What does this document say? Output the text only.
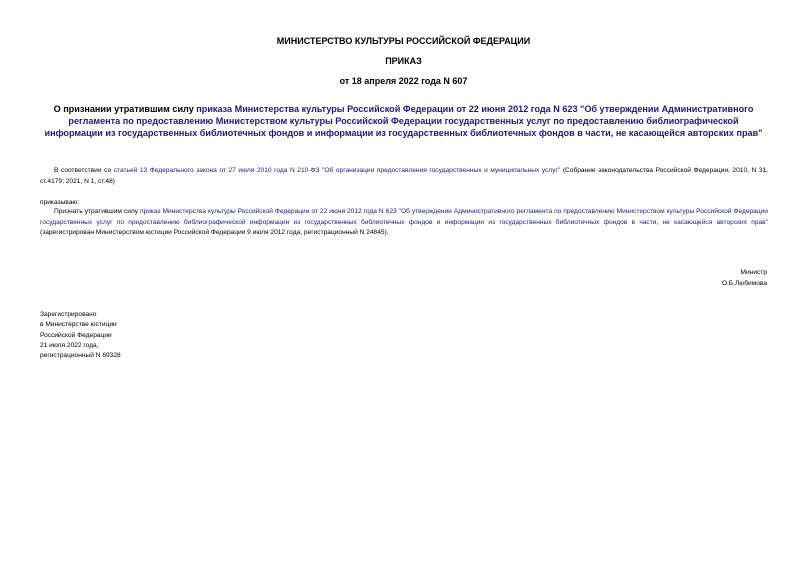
МИНИСТЕРСТВО КУЛЬТУРЫ РОССИЙСКОЙ ФЕДЕРАЦИИ
ПРИКАЗ
от 18 апреля 2022 года N 607
О признании утратившим силу приказа Министерства культуры Российской Федерации от 22 июня 2012 года N 623 "Об утверждении Административного регламента по предоставлению Министерством культуры Российской Федерации государственных услуг по предоставлению библиографической информации из государственных библиотечных фондов и информации из государственных библиотечных фондов в части, не касающейся авторских прав"
В соответствии со статьей 13 Федерального закона от 27 июля 2010 года N 210-ФЗ "Об организации предоставления государственных и муниципальных услуг" (Собрание законодательства Российской Федерации, 2010, N 31, ст.4179; 2021, N 1, ст.48)
приказываю:
Признать утратившим силу приказ Министерства культуры Российской Федерации от 22 июня 2012 года N 623 "Об утверждении Административного регламента по предоставлению Министерством культуры Российской Федерации государственных услуг по предоставлению библиографической информации из государственных библиотечных фондов и информации из государственных библиотечных фондов в части, не касающейся авторских прав" (зарегистрирован Министерством юстиции Российской Федерации 9 июля 2012 года, регистрационный N 24845).
Министр
О.Б.Любимова
Зарегистрировано
в Министерстве юстиции
Российской Федерации
21 июля 2022 года,
регистрационный N 69328
